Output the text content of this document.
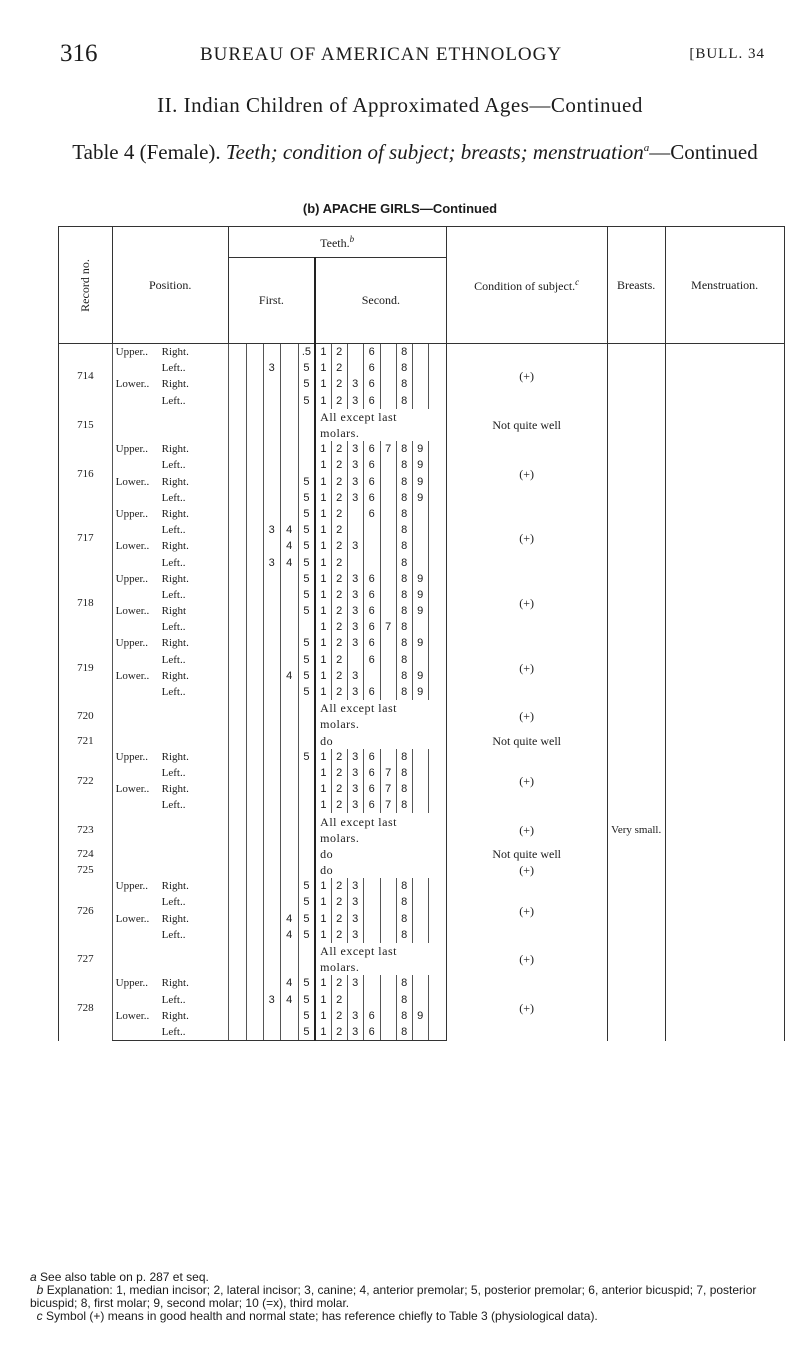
316	BUREAU OF AMERICAN ETHNOLOGY	[BULL. 34
II. Indian Children of Approximated Ages—Continued
Table 4 (Female). Teeth; condition of subject; breasts; menstruation$^a$—Continued
(b) APACHE GIRLS—Continued
Record no.	Position.	Teeth.$^b$													Condition of subject.$^c$	Breasts.	Menstruation.
		First.					Second.										
714	Upper.. Right.					.5	1	2		6		8			(+)		
	Left..			3		5	1	2		6		8					
	Lower.. Right.					5	1	2	3	6		8					
	Left..					5	1	2	3	6		8					
715							All except last								Not quite well		
							molars.										
716	Upper.. Right.						1	2	3	6	7	8	9		(+)		
	Left..						1	2	3	6		8	9				
	Lower.. Right.					5	1	2	3	6		8	9				
	Left..					5	1	2	3	6		8	9				
717	Upper.. Right.					5	1	2		6		8			(+)		
	Left..			3	4	5	1	2				8					
	Lower.. Right.				4	5	1	2	3			8					
	Left..			3	4	5	1	2				8					
718	Upper.. Right.					5	1	2	3	6		8	9		(+)		
	Left..					5	1	2	3	6		8	9				
	Lower.. Right					5	1	2	3	6		8	9				
	Left..						1	2	3	6	7	8					
719	Upper.. Right.					5	1	2	3	6		8	9		(+)		
	Left..					5	1	2		6		8					
	Lower.. Right.				4	5	1	2	3			8	9				
	Left..					5	1	2	3	6		8	9				
720							All except last								(+)		
							molars.										
721							do								Not quite well		
722	Upper.. Right.					5	1	2	3	6		8			(+)		
	Left..						1	2	3	6	7	8					
	Lower.. Right.						1	2	3	6	7	8					
	Left..						1	2	3	6	7	8					
723							All except last								(+)	Very small.	
							molars.										
724							do								Not quite well		
725							do								(+)		
726	Upper.. Right.					5	1	2	3			8			(+)		
	Left..					5	1	2	3			8					
	Lower.. Right.				4	5	1	2	3			8					
	Left..				4	5	1	2	3			8					
727							All except last								(+)		
							molars.										
728	Upper.. Right.				4	5	1	2	3			8			(+)		
	Left..			3	4	5	1	2				8					
	Lower.. Right.					5	1	2	3	6		8	9				
	Left..					5	1	2	3	6		8					

a See also table on p. 287 et seq.

b Explanation: 1, median incisor; 2, lateral incisor; 3, canine; 4, anterior premolar; 5, posterior premolar; 6, anterior bicuspid; 7, posterior bicuspid; 8, first molar; 9, second molar; 10 (=x), third molar.

c Symbol (+) means in good health and normal state; has reference chiefly to Table 3 (physiological data).
